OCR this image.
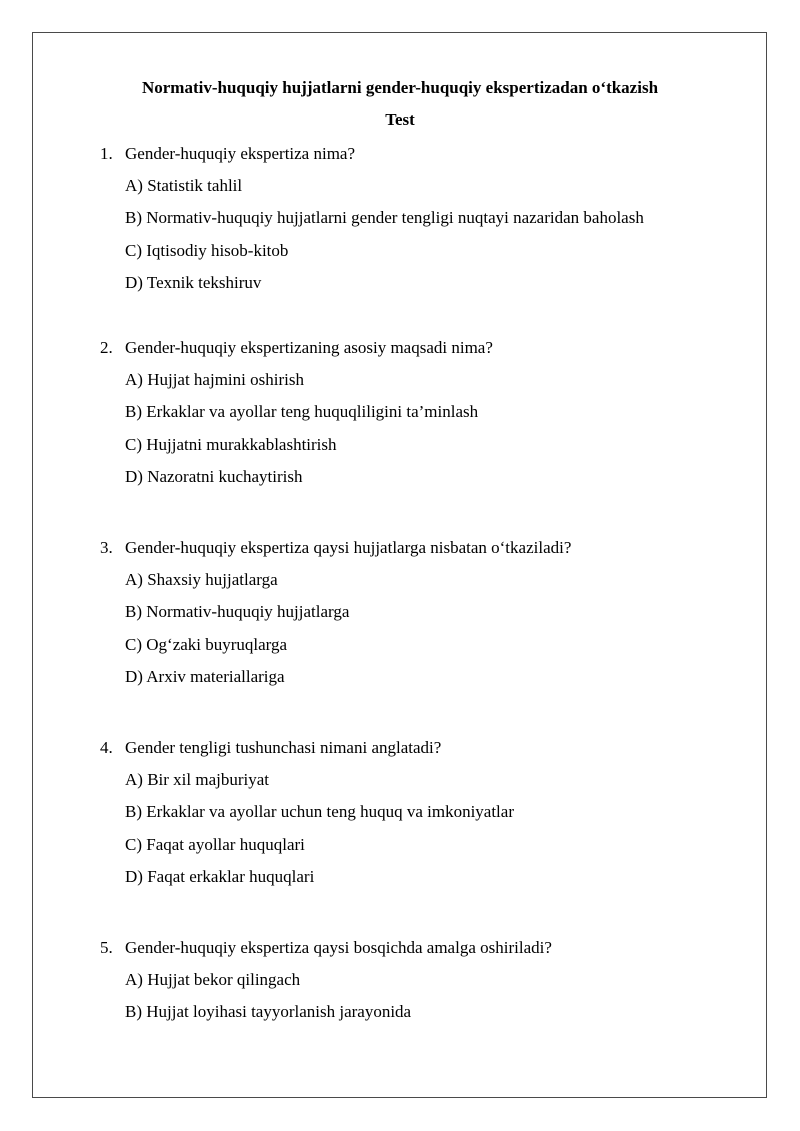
Normativ-huquqiy hujjatlarni gender-huquqiy ekspertizadan o‘tkazish
Test
1. Gender-huquqiy ekspertiza nima?
A) Statistik tahlil
B) Normativ-huquqiy hujjatlarni gender tengligi nuqtayi nazaridan baholash
C) Iqtisodiy hisob-kitob
D) Texnik tekshiruv
2. Gender-huquqiy ekspertizaning asosiy maqsadi nima?
A) Hujjat hajmini oshirish
B) Erkaklar va ayollar teng huquqliligini ta’minlash
C) Hujjatni murakkablashtirish
D) Nazoratni kuchaytirish
3. Gender-huquqiy ekspertiza qaysi hujjatlarga nisbatan o‘tkaziladi?
A) Shaxsiy hujjatlarga
B) Normativ-huquqiy hujjatlarga
C) Og‘zaki buyruqlarga
D) Arxiv materiallariga
4. Gender tengligi tushunchasi nimani anglatadi?
A) Bir xil majburiyat
B) Erkaklar va ayollar uchun teng huquq va imkoniyatlar
C) Faqat ayollar huquqlari
D) Faqat erkaklar huquqlari
5. Gender-huquqiy ekspertiza qaysi bosqichda amalga oshiriladi?
A) Hujjat bekor qilingach
B) Hujjat loyihasi tayyorlanish jarayonida
